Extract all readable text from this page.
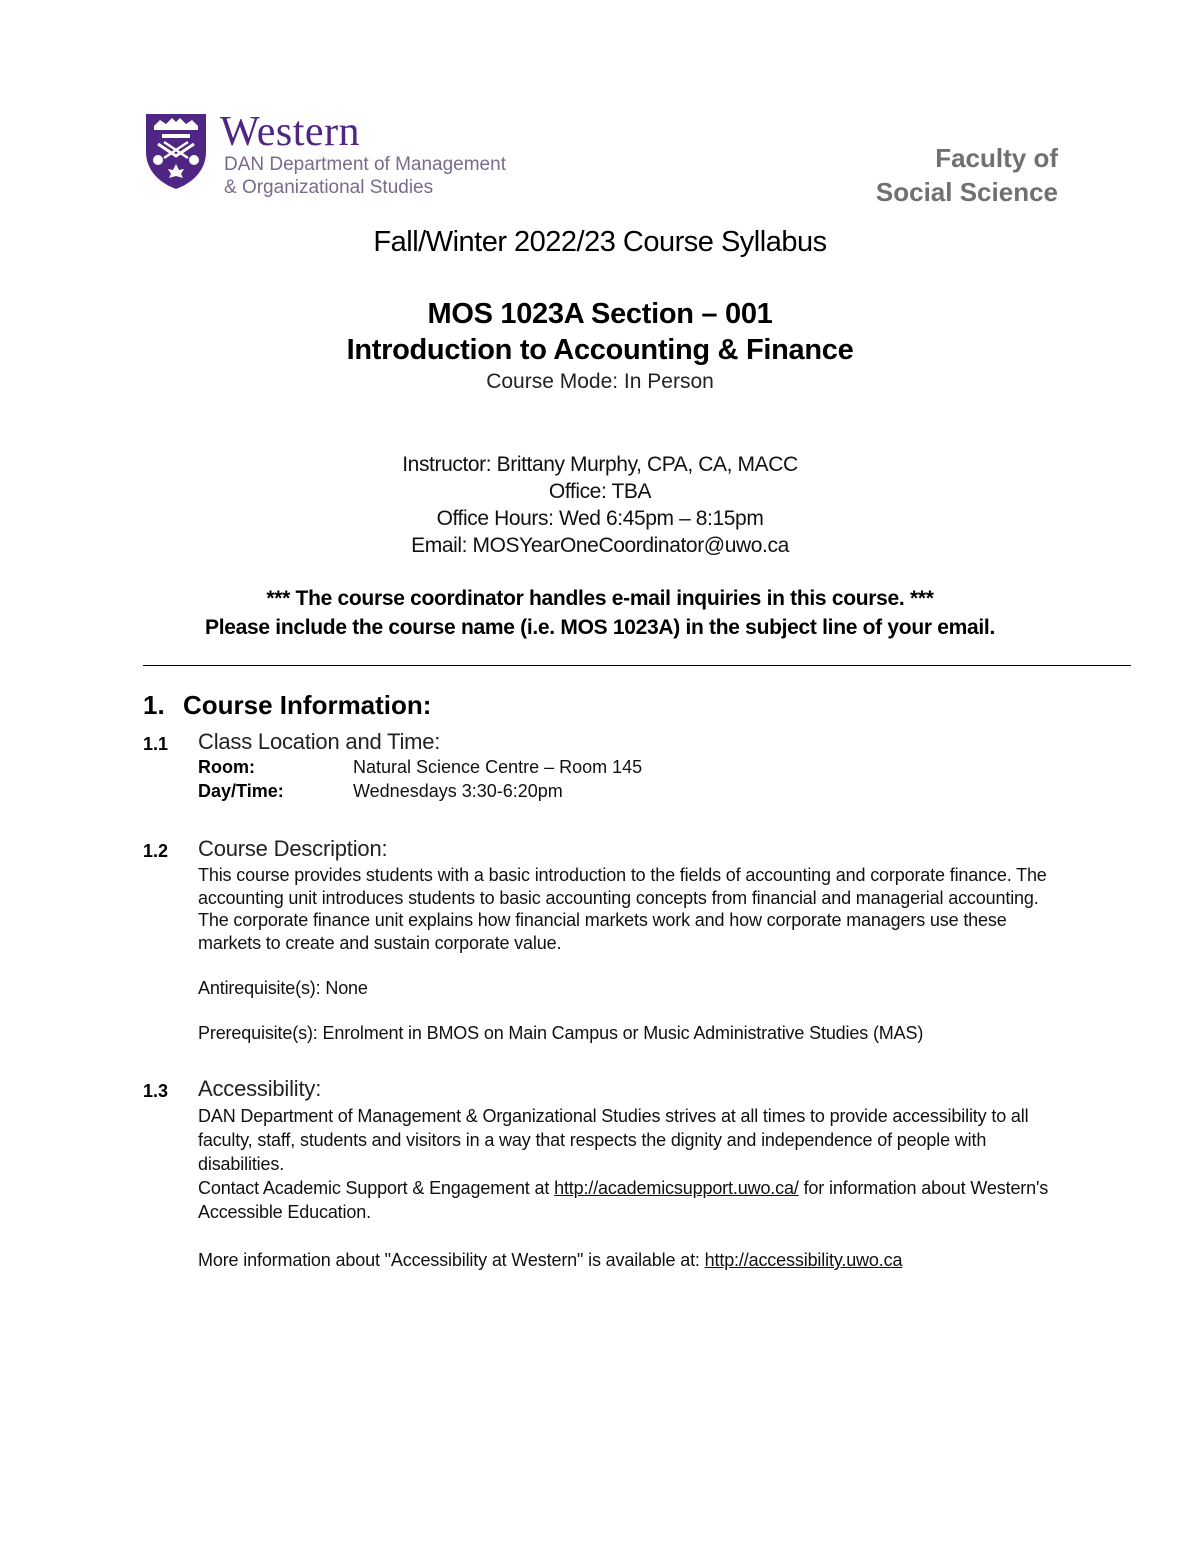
Western
DAN Department of Management
& Organizational Studies
Faculty of
Social Science
Fall/Winter 2022/23 Course Syllabus
MOS 1023A Section – 001
Introduction to Accounting & Finance
Course Mode: In Person
Instructor: Brittany Murphy, CPA, CA, MACC
Office: TBA
Office Hours: Wed 6:45pm – 8:15pm
Email: MOSYearOneCoordinator@uwo.ca
*** The course coordinator handles e-mail inquiries in this course. ***
Please include the course name (i.e. MOS 1023A) in the subject line of your email.
1. Course Information:
1.1 Class Location and Time:
Room:	Natural Science Centre – Room 145
Day/Time:	Wednesdays 3:30-6:20pm
1.2 Course Description:
This course provides students with a basic introduction to the fields of accounting and corporate finance. The accounting unit introduces students to basic accounting concepts from financial and managerial accounting. The corporate finance unit explains how financial markets work and how corporate managers use these markets to create and sustain corporate value.
Antirequisite(s): None
Prerequisite(s): Enrolment in BMOS on Main Campus or Music Administrative Studies (MAS)
1.3 Accessibility:
DAN Department of Management & Organizational Studies strives at all times to provide accessibility to all faculty, staff, students and visitors in a way that respects the dignity and independence of people with disabilities.
Contact Academic Support & Engagement at http://academicsupport.uwo.ca/ for information about Western's Accessible Education.
More information about "Accessibility at Western" is available at: http://accessibility.uwo.ca
